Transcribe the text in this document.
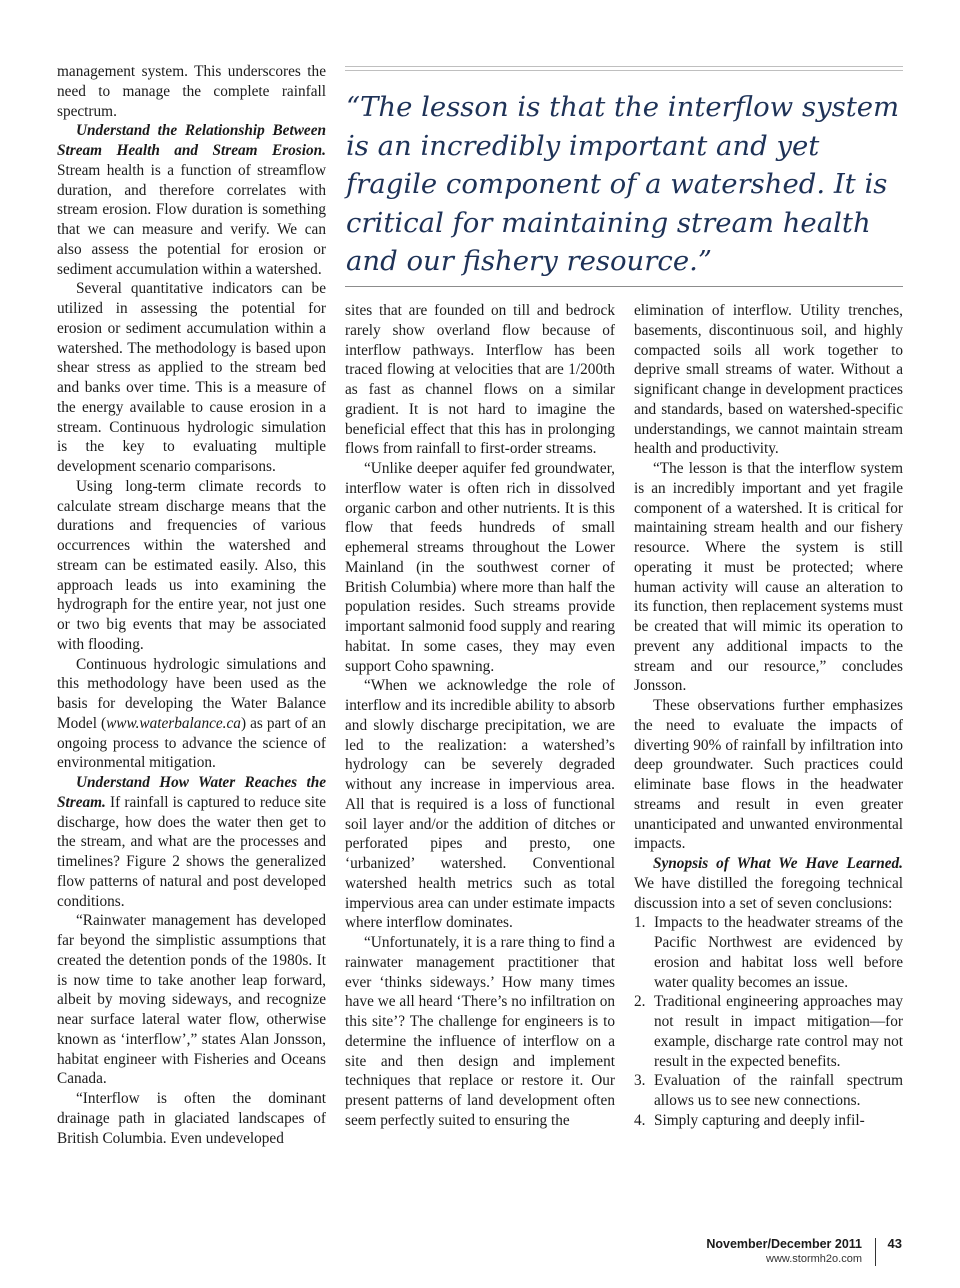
management system. This underscores the need to manage the complete rainfall spectrum.

Understand the Relationship Between Stream Health and Stream Erosion. Stream health is a function of streamflow duration, and therefore correlates with stream erosion. Flow duration is something that we can measure and verify. We can also assess the potential for erosion or sediment accumulation within a watershed.

Several quantitative indicators can be utilized in assessing the potential for erosion or sediment accumulation within a watershed. The methodology is based upon shear stress as applied to the stream bed and banks over time. This is a measure of the energy available to cause erosion in a stream. Continuous hydrologic simulation is the key to evaluating multiple development scenario comparisons.

Using long-term climate records to calculate stream discharge means that the durations and frequencies of various occurrences within the watershed and stream can be estimated easily. Also, this approach leads us into examining the hydrograph for the entire year, not just one or two big events that may be associated with flooding.

Continuous hydrologic simulations and this methodology have been used as the basis for developing the Water Balance Model (www.waterbalance.ca) as part of an ongoing process to advance the science of environmental mitigation.

Understand How Water Reaches the Stream. If rainfall is captured to reduce site discharge, how does the water then get to the stream, and what are the processes and timelines? Figure 2 shows the generalized flow patterns of natural and post developed conditions.

“Rainwater management has developed far beyond the simplistic assumptions that created the detention ponds of the 1980s. It is now time to take another leap forward, albeit by moving sideways, and recognize near surface lateral water flow, otherwise known as ‘interflow’,” states Alan Jonsson, habitat engineer with Fisheries and Oceans Canada.

“Interflow is often the dominant drainage path in glaciated landscapes of British Columbia. Even undeveloped

“The lesson is that the interflow system is an incredibly important and yet fragile component of a watershed. It is critical for maintaining stream health and our fishery resource.”

sites that are founded on till and bedrock rarely show overland flow because of interflow pathways. Interflow has been traced flowing at velocities that are 1/200th as fast as channel flows on a similar gradient. It is not hard to imagine the beneficial effect that this has in prolonging flows from rainfall to first-order streams.

“Unlike deeper aquifer fed groundwater, interflow water is often rich in dissolved organic carbon and other nutrients. It is this flow that feeds hundreds of small ephemeral streams throughout the Lower Mainland (in the southwest corner of British Columbia) where more than half the population resides. Such streams provide important salmonid food supply and rearing habitat. In some cases, they may even support Coho spawning.

“When we acknowledge the role of interflow and its incredible ability to absorb and slowly discharge precipitation, we are led to the realization: a watershed’s hydrology can be severely degraded without any increase in impervious area. All that is required is a loss of functional soil layer and/or the addition of ditches or perforated pipes and presto, one ‘urbanized’ watershed. Conventional watershed health metrics such as total impervious area can under estimate impacts where interflow dominates.

“Unfortunately, it is a rare thing to find a rainwater management practitioner that ever ‘thinks sideways.’ How many times have we all heard ‘There’s no infiltration on this site’? The challenge for engineers is to determine the influence of interflow on a site and then design and implement techniques that replace or restore it. Our present patterns of land development often seem perfectly suited to ensuring the

elimination of interflow. Utility trenches, basements, discontinuous soil, and highly compacted soils all work together to deprive small streams of water. Without a significant change in development practices and standards, based on watershed-specific understandings, we cannot maintain stream health and productivity.

“The lesson is that the interflow system is an incredibly important and yet fragile component of a watershed. It is critical for maintaining stream health and our fishery resource. Where the system is still operating it must be protected; where human activity will cause an alteration to its function, then replacement systems must be created that will mimic its operation to prevent any additional impacts to the stream and our resource,” concludes Jonsson.

These observations further emphasizes the need to evaluate the impacts of diverting 90% of rainfall by infiltration into deep groundwater. Such practices could eliminate base flows in the headwater streams and result in even greater unanticipated and unwanted environmental impacts.

Synopsis of What We Have Learned. We have distilled the foregoing technical discussion into a set of seven conclusions:

1. Impacts to the headwater streams of the Pacific Northwest are evidenced by erosion and habitat loss well before water quality becomes an issue.
2. Traditional engineering approaches may not result in impact mitigation—for example, discharge rate control may not result in the expected benefits.
3. Evaluation of the rainfall spectrum allows us to see new connections.
4. Simply capturing and deeply infil-
November/December 2011
www.stormh2o.com
43
